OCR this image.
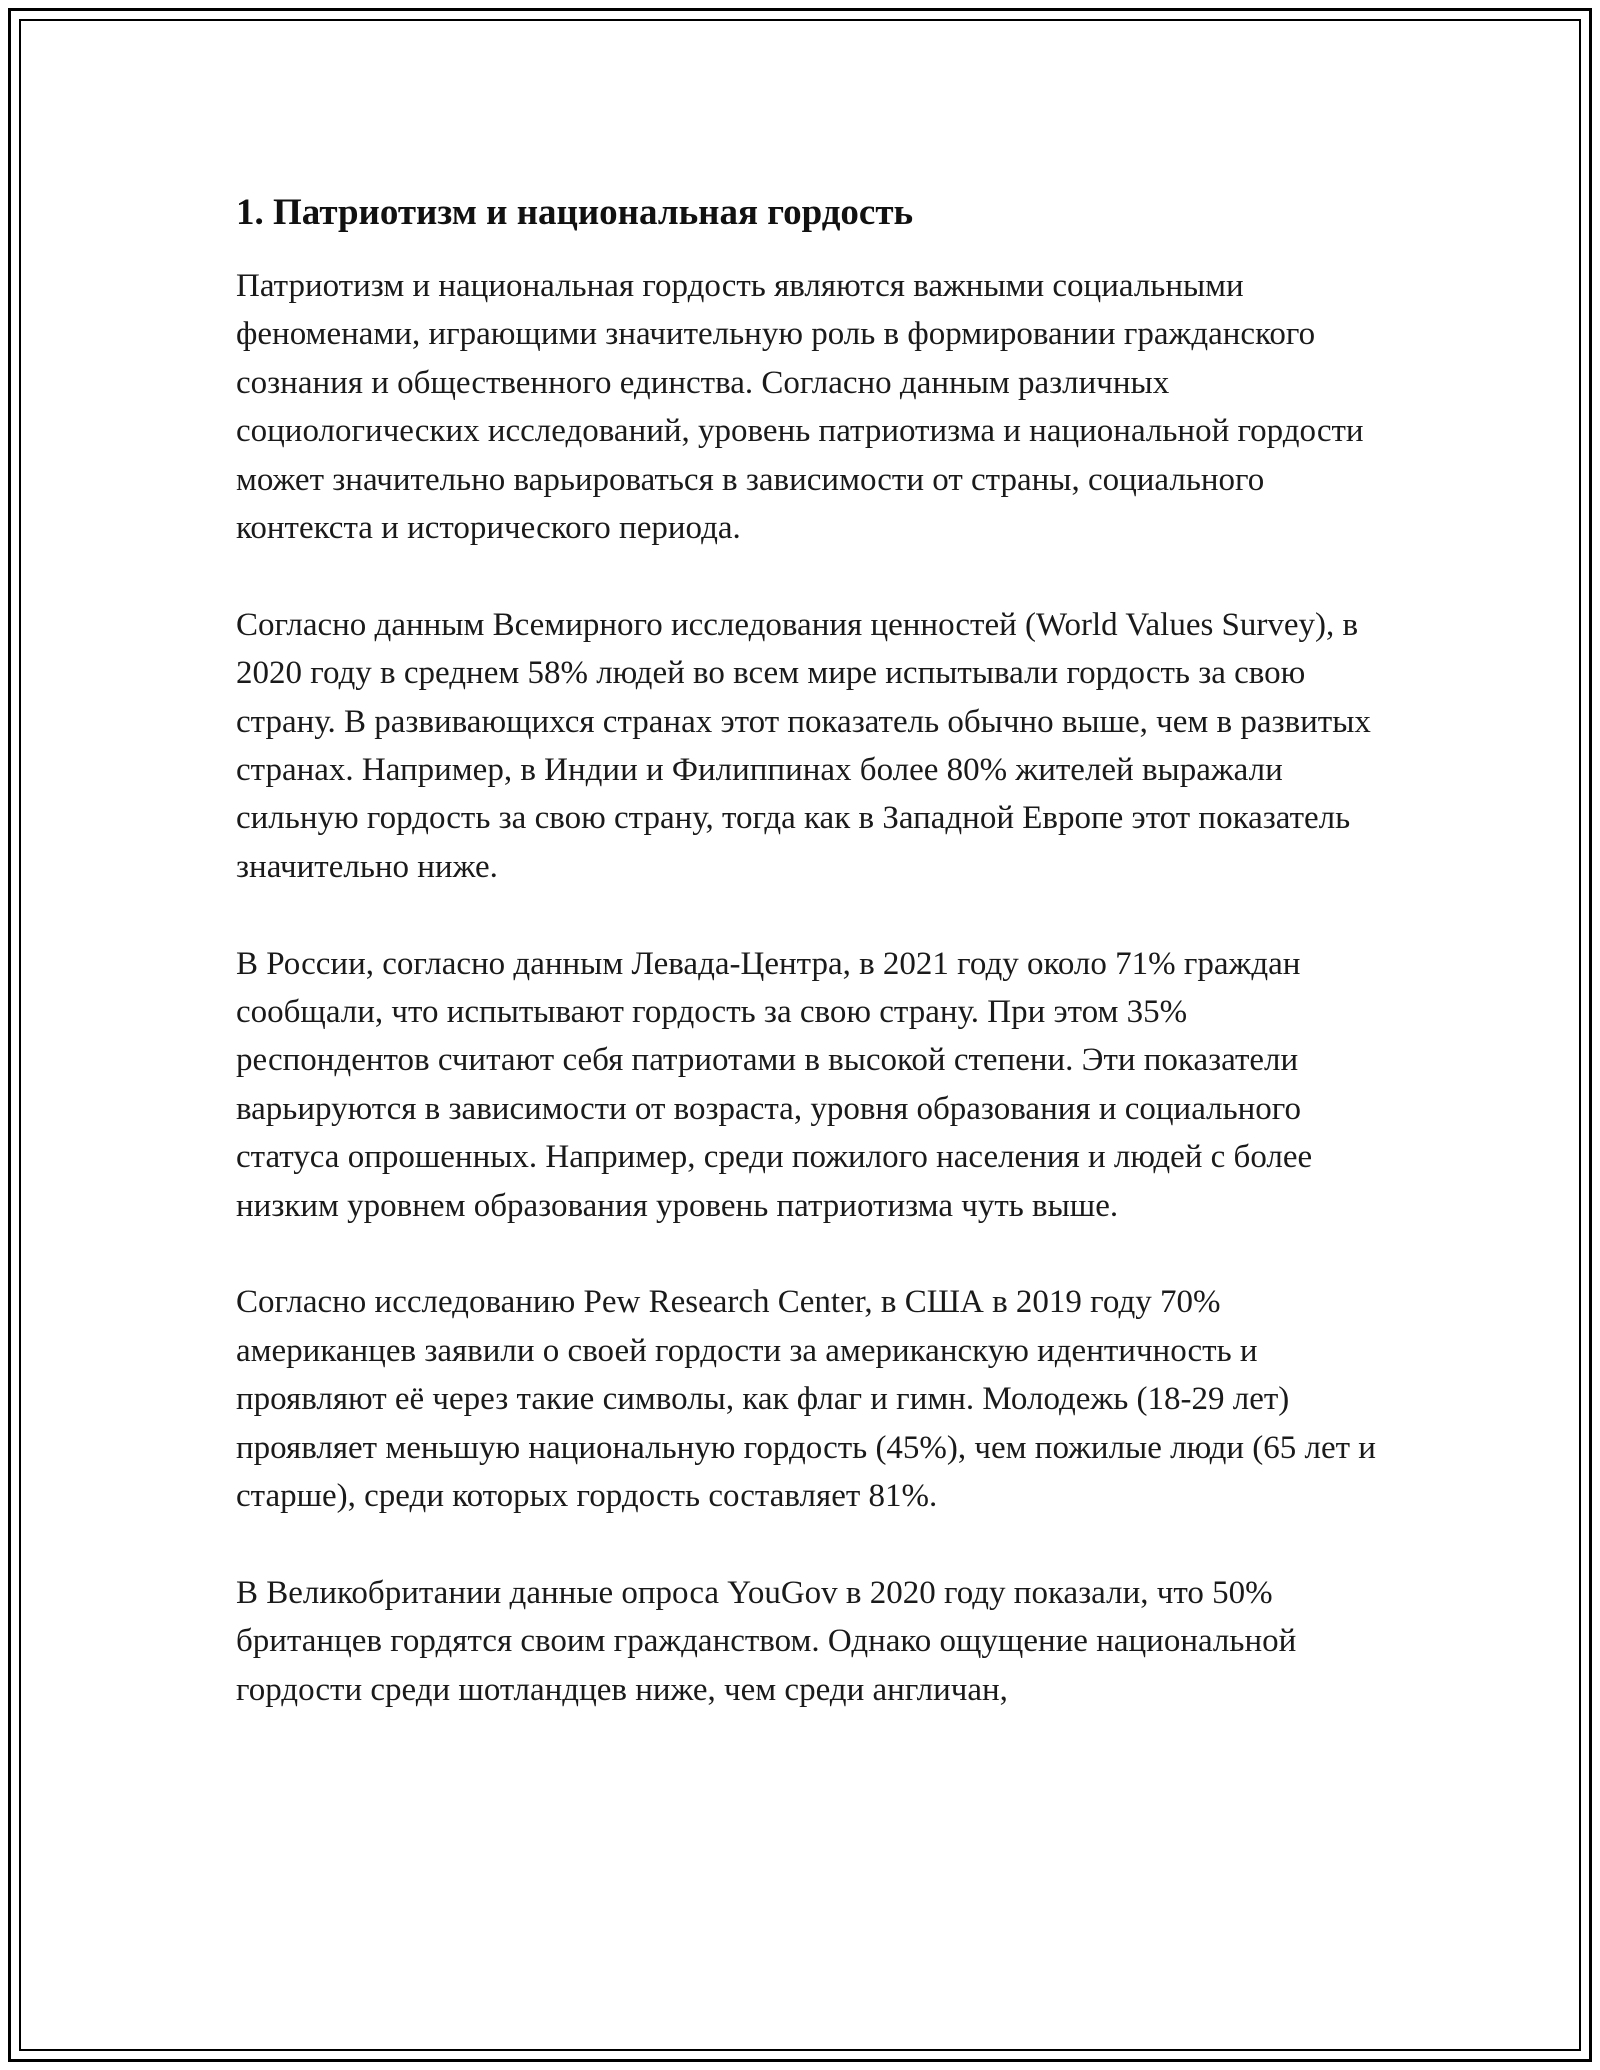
1. Патриотизм и национальная гордость

Патриотизм и национальная гордость являются важными социальными феноменами, играющими значительную роль в формировании гражданского сознания и общественного единства. Согласно данным различных социологических исследований, уровень патриотизма и национальной гордости может значительно варьироваться в зависимости от страны, социального контекста и исторического периода.

Согласно данным Всемирного исследования ценностей (World Values Survey), в 2020 году в среднем 58% людей во всем мире испытывали гордость за свою страну. В развивающихся странах этот показатель обычно выше, чем в развитых странах. Например, в Индии и Филиппинах более 80% жителей выражали сильную гордость за свою страну, тогда как в Западной Европе этот показатель значительно ниже.

В России, согласно данным Левада-Центра, в 2021 году около 71% граждан сообщали, что испытывают гордость за свою страну. При этом 35% респондентов считают себя патриотами в высокой степени. Эти показатели варьируются в зависимости от возраста, уровня образования и социального статуса опрошенных. Например, среди пожилого населения и людей с более низким уровнем образования уровень патриотизма чуть выше.

Согласно исследованию Pew Research Center, в США в 2019 году 70% американцев заявили о своей гордости за американскую идентичность и проявляют её через такие символы, как флаг и гимн. Молодежь (18-29 лет) проявляет меньшую национальную гордость (45%), чем пожилые люди (65 лет и старше), среди которых гордость составляет 81%.

В Великобритании данные опроса YouGov в 2020 году показали, что 50% британцев гордятся своим гражданством. Однако ощущение национальной гордости среди шотландцев ниже, чем среди англичан,
